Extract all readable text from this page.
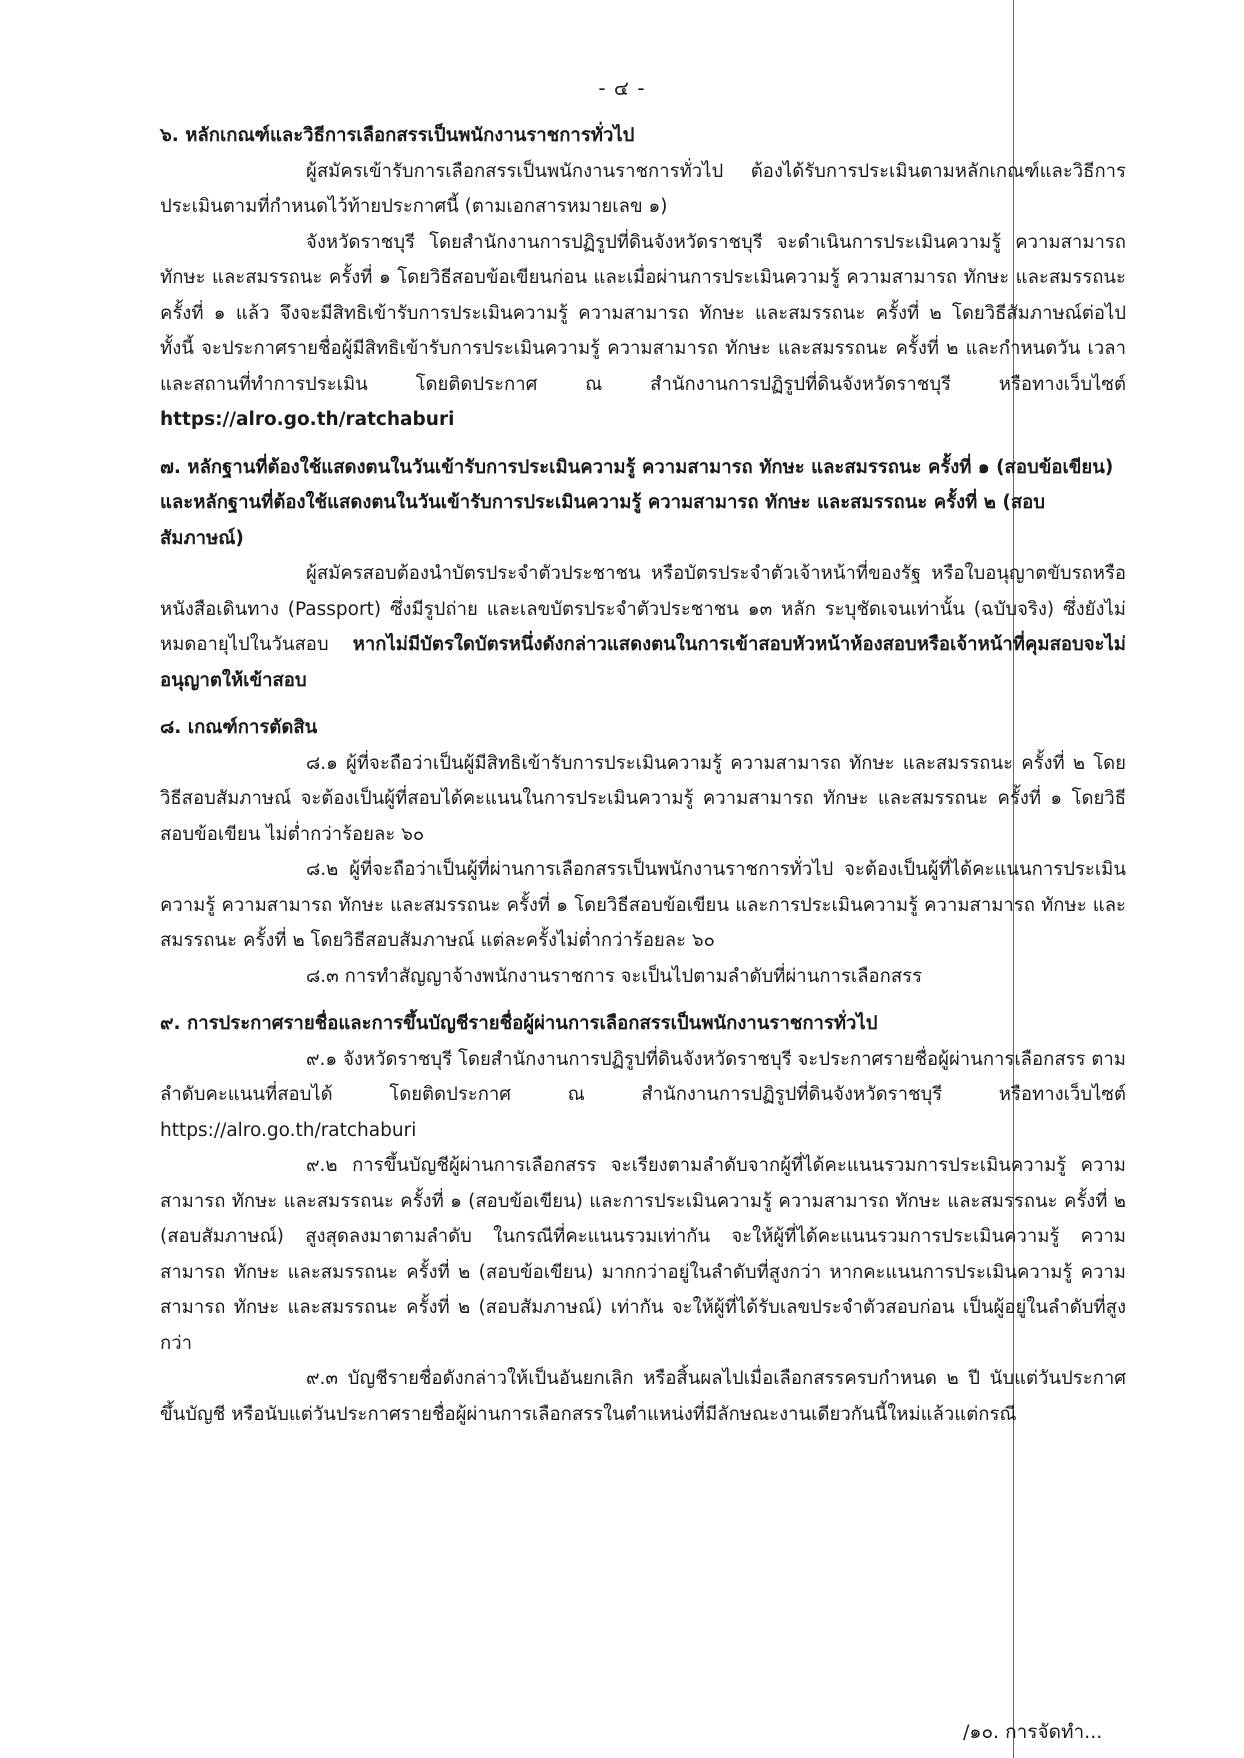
- ๔ -

๖. หลักเกณฑ์และวิธีการเลือกสรรเป็นพนักงานราชการทั่วไป

ผู้สมัครเข้ารับการเลือกสรรเป็นพนักงานราชการทั่วไป ต้องได้รับการประเมินตามหลักเกณฑ์และวิธีการประเมินตามที่กำหนดไว้ท้ายประกาศนี้ (ตามเอกสารหมายเลข ๑)

จังหวัดราชบุรี โดยสำนักงานการปฏิรูปที่ดินจังหวัดราชบุรี จะดำเนินการประเมินความรู้ ความสามารถ ทักษะ และสมรรถนะ ครั้งที่ ๑ โดยวิธีสอบข้อเขียนก่อน และเมื่อผ่านการประเมินความรู้ ความสามารถ ทักษะ และสมรรถนะ ครั้งที่ ๑ แล้ว จึงจะมีสิทธิเข้ารับการประเมินความรู้ ความสามารถ ทักษะ และสมรรถนะ ครั้งที่ ๒ โดยวิธีสัมภาษณ์ต่อไป ทั้งนี้ จะประกาศรายชื่อผู้มีสิทธิเข้ารับการประเมินความรู้ ความสามารถ ทักษะ และสมรรถนะ ครั้งที่ ๒ และกำหนดวัน เวลา และสถานที่ทำการประเมิน โดยติดประกาศ ณ สำนักงานการปฏิรูปที่ดินจังหวัดราชบุรี หรือทางเว็บไซต์ https://alro.go.th/ratchaburi

๗. หลักฐานที่ต้องใช้แสดงตนในวันเข้ารับการประเมินความรู้ ความสามารถ ทักษะ และสมรรถนะ ครั้งที่ ๑ (สอบข้อเขียน) และหลักฐานที่ต้องใช้แสดงตนในวันเข้ารับการประเมินความรู้ ความสามารถ ทักษะ และสมรรถนะ ครั้งที่ ๒ (สอบสัมภาษณ์)

ผู้สมัครสอบต้องนำบัตรประจำตัวประชาชน หรือบัตรประจำตัวเจ้าหน้าที่ของรัฐ หรือใบอนุญาตขับรถหรือหนังสือเดินทาง (Passport) ซึ่งมีรูปถ่าย และเลขบัตรประจำตัวประชาชน ๑๓ หลัก ระบุชัดเจนเท่านั้น (ฉบับจริง) ซึ่งยังไม่หมดอายุไปในวันสอบ หากไม่มีบัตรใดบัตรหนึ่งดังกล่าวแสดงตนในการเข้าสอบหัวหน้าห้องสอบหรือเจ้าหน้าที่คุมสอบจะไม่อนุญาตให้เข้าสอบ

๘. เกณฑ์การตัดสิน

๘.๑ ผู้ที่จะถือว่าเป็นผู้มีสิทธิเข้ารับการประเมินความรู้ ความสามารถ ทักษะ และสมรรถนะ ครั้งที่ ๒ โดยวิธีสอบสัมภาษณ์ จะต้องเป็นผู้ที่สอบได้คะแนนในการประเมินความรู้ ความสามารถ ทักษะ และสมรรถนะ ครั้งที่ ๑ โดยวิธีสอบข้อเขียน ไม่ต่ำกว่าร้อยละ ๖๐

๘.๒ ผู้ที่จะถือว่าเป็นผู้ที่ผ่านการเลือกสรรเป็นพนักงานราชการทั่วไป จะต้องเป็นผู้ที่ได้คะแนนการประเมินความรู้ ความสามารถ ทักษะ และสมรรถนะ ครั้งที่ ๑ โดยวิธีสอบข้อเขียน และการประเมินความรู้ ความสามารถ ทักษะ และสมรรถนะ ครั้งที่ ๒ โดยวิธีสอบสัมภาษณ์ แต่ละครั้งไม่ต่ำกว่าร้อยละ ๖๐

๘.๓ การทำสัญญาจ้างพนักงานราชการ จะเป็นไปตามลำดับที่ผ่านการเลือกสรร

๙. การประกาศรายชื่อและการขึ้นบัญชีรายชื่อผู้ผ่านการเลือกสรรเป็นพนักงานราชการทั่วไป

๙.๑ จังหวัดราชบุรี โดยสำนักงานการปฏิรูปที่ดินจังหวัดราชบุรี จะประกาศรายชื่อผู้ผ่านการเลือกสรร ตามลำดับคะแนนที่สอบได้ โดยติดประกาศ ณ สำนักงานการปฏิรูปที่ดินจังหวัดราชบุรี หรือทางเว็บไซต์ https://alro.go.th/ratchaburi

๙.๒ การขึ้นบัญชีผู้ผ่านการเลือกสรร จะเรียงตามลำดับจากผู้ที่ได้คะแนนรวมการประเมินความรู้ ความสามารถ ทักษะ และสมรรถนะ ครั้งที่ ๑ (สอบข้อเขียน) และการประเมินความรู้ ความสามารถ ทักษะ และสมรรถนะ ครั้งที่ ๒ (สอบสัมภาษณ์) สูงสุดลงมาตามลำดับ ในกรณีที่คะแนนรวมเท่ากัน จะให้ผู้ที่ได้คะแนนรวมการประเมินความรู้ ความสามารถ ทักษะ และสมรรถนะ ครั้งที่ ๒ (สอบข้อเขียน) มากกว่าอยู่ในลำดับที่สูงกว่า หากคะแนนการประเมินความรู้ ความสามารถ ทักษะ และสมรรถนะ ครั้งที่ ๒ (สอบสัมภาษณ์) เท่ากัน จะให้ผู้ที่ได้รับเลขประจำตัวสอบก่อน เป็นผู้อยู่ในลำดับที่สูงกว่า

๙.๓ บัญชีรายชื่อดังกล่าวให้เป็นอันยกเลิก หรือสิ้นผลไปเมื่อเลือกสรรครบกำหนด ๒ ปี นับแต่วันประกาศขึ้นบัญชี หรือนับแต่วันประกาศรายชื่อผู้ผ่านการเลือกสรรในตำแหน่งที่มีลักษณะงานเดียวกันนี้ใหม่แล้วแต่กรณี

/๑๐. การจัดทำ...
